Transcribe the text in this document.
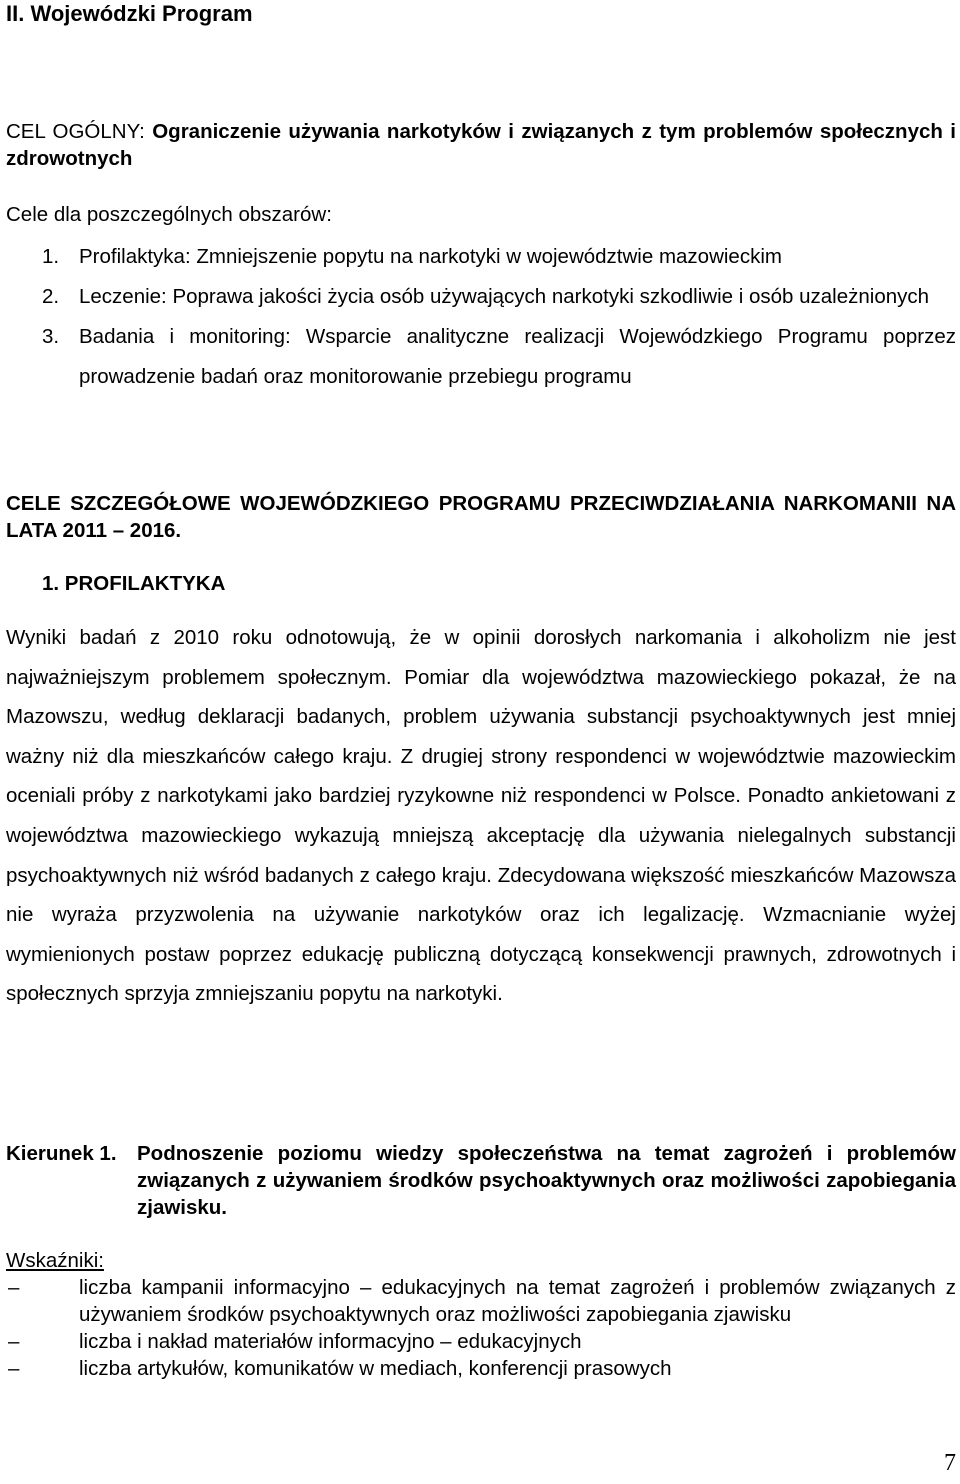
II. Wojewódzki Program

CEL OGÓLNY: Ograniczenie używania narkotyków i związanych z tym problemów społecznych i zdrowotnych

Cele dla poszczególnych obszarów:

1. Profilaktyka: Zmniejszenie popytu na narkotyki w województwie mazowieckim
2. Leczenie: Poprawa jakości życia osób używających narkotyki szkodliwie i osób uzależnionych
3. Badania i monitoring: Wsparcie analityczne realizacji Wojewódzkiego Programu poprzez prowadzenie badań oraz monitorowanie przebiegu programu

CELE SZCZEGÓŁOWE WOJEWÓDZKIEGO PROGRAMU PRZECIWDZIAŁANIA NARKOMANII NA LATA 2011 – 2016.

1. PROFILAKTYKA

Wyniki badań z 2010 roku odnotowują, że w opinii dorosłych narkomania i alkoholizm nie jest najważniejszym problemem społecznym. Pomiar dla województwa mazowieckiego pokazał, że na Mazowszu, według deklaracji badanych, problem używania substancji psychoaktywnych jest mniej ważny niż dla mieszkańców całego kraju. Z drugiej strony respondenci w województwie mazowieckim oceniali próby z narkotykami jako bardziej ryzykowne niż respondenci w Polsce. Ponadto ankietowani z województwa mazowieckiego wykazują mniejszą akceptację dla używania nielegalnych substancji psychoaktywnych niż wśród badanych z całego kraju. Zdecydowana większość mieszkańców Mazowsza nie wyraża przyzwolenia na używanie narkotyków oraz ich legalizację. Wzmacnianie wyżej wymienionych postaw poprzez edukację publiczną dotyczącą konsekwencji prawnych, zdrowotnych i społecznych sprzyja zmniejszaniu popytu na narkotyki.

Kierunek 1. Podnoszenie poziomu wiedzy społeczeństwa na temat zagrożeń i problemów związanych z używaniem środków psychoaktywnych oraz możliwości zapobiegania zjawisku.

Wskaźniki:

–	liczba kampanii informacyjno – edukacyjnych na temat zagrożeń i problemów związanych z używaniem środków psychoaktywnych oraz możliwości zapobiegania zjawisku
–	liczba i nakład materiałów informacyjno – edukacyjnych
–	liczba artykułów, komunikatów w mediach, konferencji prasowych
7
